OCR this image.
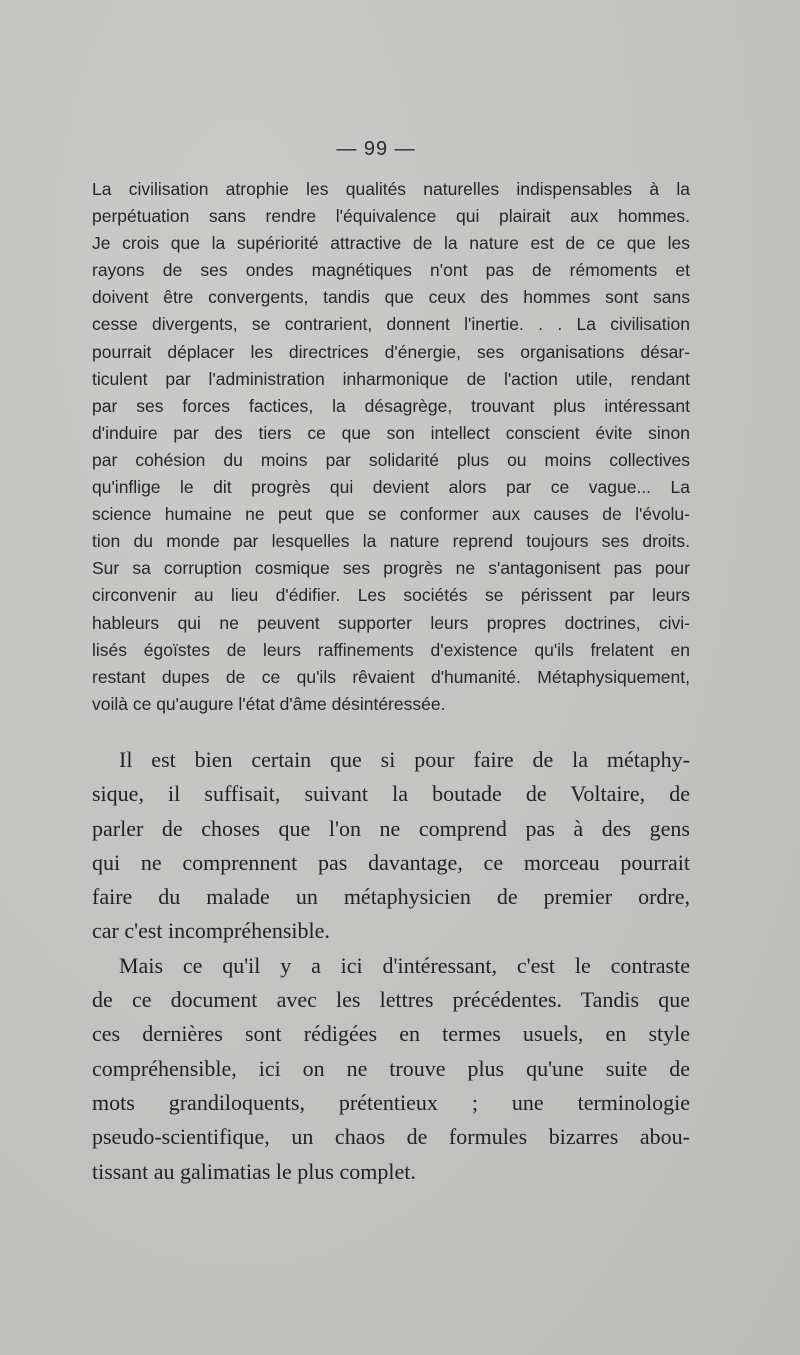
— 99 —
La civilisation atrophie les qualités naturelles indispensables à la
perpétuation sans rendre l'équivalence qui plairait aux hommes.
Je crois que la supériorité attractive de la nature est de ce que les
rayons de ses ondes magnétiques n'ont pas de rémoments et
doivent être convergents, tandis que ceux des hommes sont sans
cesse divergents, se contrarient, donnent l'inertie. . . La civilisation
pourrait déplacer les directrices d'énergie, ses organisations désar-
ticulent par l'administration inharmonique de l'action utile, rendant
par ses forces factices, la désagrège, trouvant plus intéressant
d'induire par des tiers ce que son intellect conscient évite sinon
par cohésion du moins par solidarité plus ou moins collectives
qu'inflige le dit progrès qui devient alors par ce vague... La
science humaine ne peut que se conformer aux causes de l'évolu-
tion du monde par lesquelles la nature reprend toujours ses droits.
Sur sa corruption cosmique ses progrès ne s'antagonisent pas pour
circonvenir au lieu d'édifier. Les sociétés se périssent par leurs
hableurs qui ne peuvent supporter leurs propres doctrines, civi-
lisés égoïstes de leurs raffinements d'existence qu'ils frelatent en
restant dupes de ce qu'ils rêvaient d'humanité. Métaphysiquement,
voilà ce qu'augure l'état d'âme désintéressée.
Il est bien certain que si pour faire de la métaphy-
sique, il suffisait, suivant la boutade de Voltaire, de
parler de choses que l'on ne comprend pas à des gens
qui ne comprennent pas davantage, ce morceau pourrait
faire du malade un métaphysicien de premier ordre,
car c'est incompréhensible.
Mais ce qu'il y a ici d'intéressant, c'est le contraste
de ce document avec les lettres précédentes. Tandis que
ces dernières sont rédigées en termes usuels, en style
compréhensible, ici on ne trouve plus qu'une suite de
mots grandiloquents, prétentieux ; une terminologie
pseudo-scientifique, un chaos de formules bizarres abou-
tissant au galimatias le plus complet.
